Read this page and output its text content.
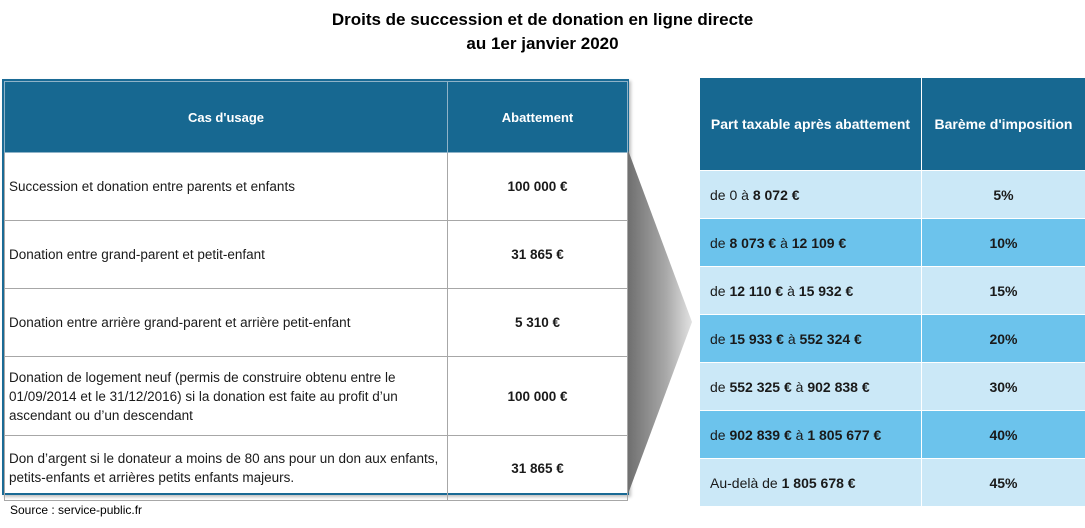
Droits de succession et de donation en ligne directe
au 1er janvier 2020
Cas d'usage	Abattement
Succession et donation entre parents et enfants	100 000 €
Donation entre grand-parent et petit-enfant	31 865 €
Donation entre arrière grand-parent et arrière petit-enfant	5 310 €
Donation de logement neuf (permis de construire obtenu entre le 01/09/2014 et le 31/12/2016) si la donation est faite au profit d’un ascendant ou d’un descendant	100 000 €
Don d’argent si le donateur a moins de 80 ans pour un don aux enfants, petits-enfants et arrières petits enfants majeurs.	31 865 €
Part taxable après abattement	Barème d'imposition
de 0 à 8 072 €	5%
de 8 073 € à 12 109 €	10%
de 12 110 € à 15 932 €	15%
de 15 933 € à 552 324 €	20%
de 552 325 € à 902 838 €	30%
de 902 839 € à 1 805 677 €	40%
Au-delà de 1 805 678 €	45%
Source : service-public.fr
